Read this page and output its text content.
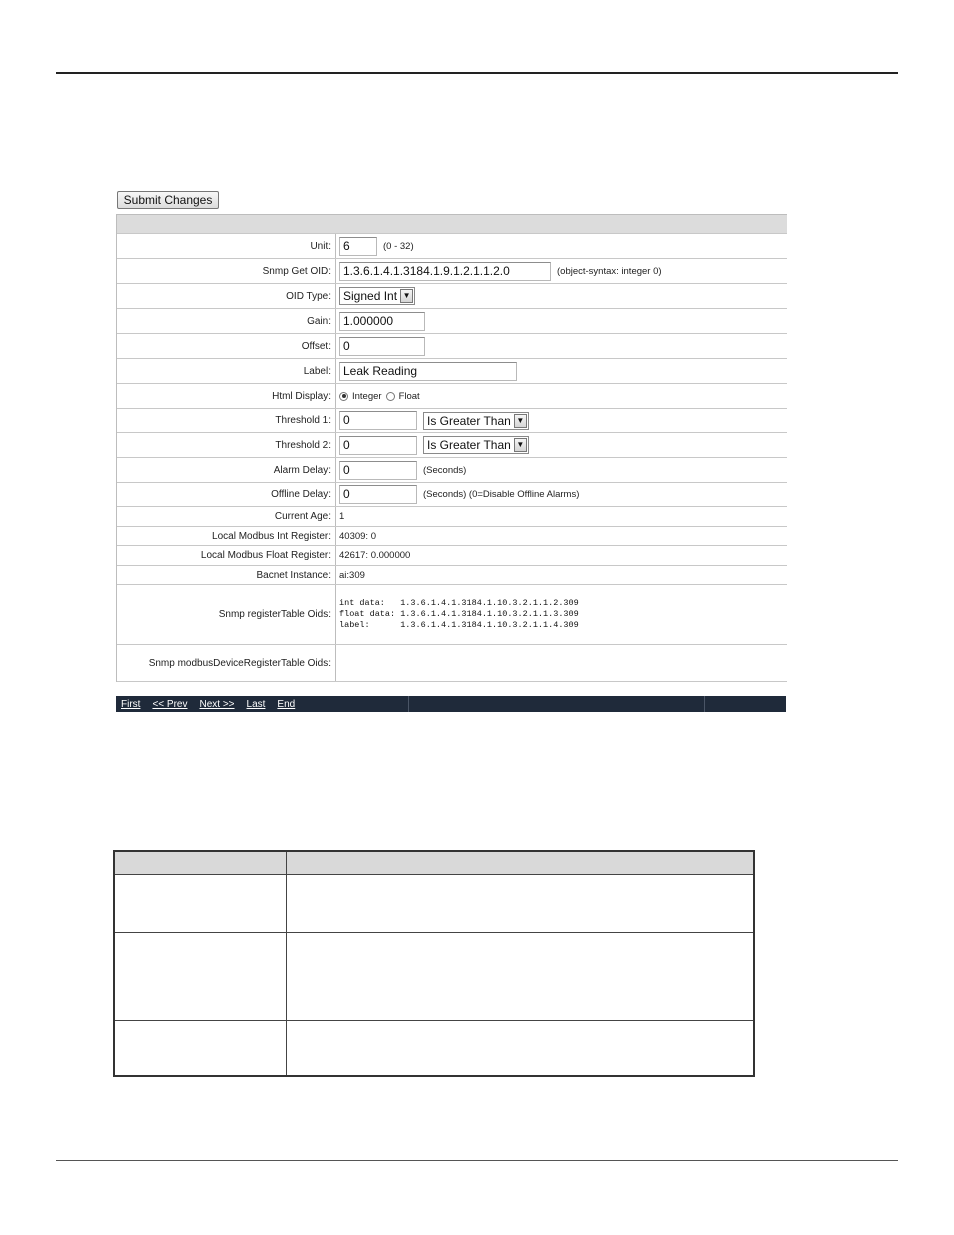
Submit Changes
Unit:	6	(0 - 32)
Snmp Get OID:	1.3.6.1.4.1.3184.1.9.1.2.1.1.2.0	(object-syntax: integer 0)
OID Type:	Signed Int ▼
Gain:	1.000000
Offset:	0
Label:	Leak Reading
Html Display:	Integer Float
Threshold 1:	0	Is Greater Than ▼
Threshold 2:	0	Is Greater Than ▼
Alarm Delay:	0	(Seconds)
Offline Delay:	0	(Seconds) (0=Disable Offline Alarms)
Current Age: 1
Local Modbus Int Register: 40309: 0
Local Modbus Float Register: 42617: 0.000000
Bacnet Instance: ai:309
Snmp registerTable Oids:
int data:   1.3.6.1.4.1.3184.1.10.3.2.1.1.2.309
float data: 1.3.6.1.4.1.3184.1.10.3.2.1.1.3.309
label:      1.3.6.1.4.1.3184.1.10.3.2.1.1.4.309
Snmp modbusDeviceRegisterTable Oids:
First << Prev Next >> Last End
